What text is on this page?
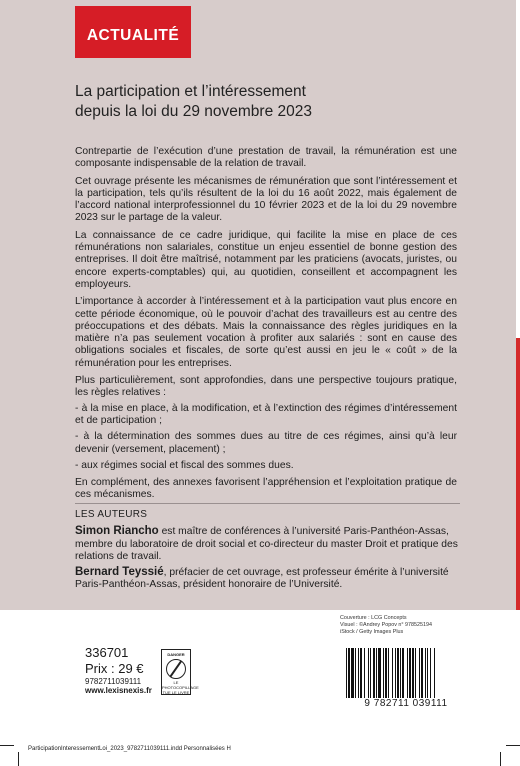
ACTUALITÉ
La participation et l’intéressement
depuis la loi du 29 novembre 2023

Contrepartie de l’exécution d’une prestation de travail, la rémunération est une composante indispensable de la relation de travail.

Cet ouvrage présente les mécanismes de rémunération que sont l’intéressement et la participation, tels qu’ils résultent de la loi du 16 août 2022, mais également de l’accord national interprofessionnel du 10 février 2023 et de la loi du 29 novembre 2023 sur le partage de la valeur.

La connaissance de ce cadre juridique, qui facilite la mise en place de ces rémunérations non salariales, constitue un enjeu essentiel de bonne gestion des entreprises. Il doit être maîtrisé, notamment par les praticiens (avocats, juristes, ou encore experts-comptables) qui, au quotidien, conseillent et accompagnent les employeurs.

L’importance à accorder à l’intéressement et à la participation vaut plus encore en cette période économique, où le pouvoir d’achat des travailleurs est au centre des préoccupations et des débats. Mais la connaissance des règles juridiques en la matière n’a pas seulement vocation à profiter aux salariés : sont en cause des obligations sociales et fiscales, de sorte qu’est aussi en jeu le « coût » de la rémunération pour les entreprises.

Plus particulièrement, sont approfondies, dans une perspective toujours pratique, les règles relatives :

- à la mise en place, à la modification, et à l’extinction des régimes d’intéressement et de participation ;
- à la détermination des sommes dues au titre de ces régimes, ainsi qu’à leur devenir (versement, placement) ;
- aux régimes social et fiscal des sommes dues.

En complément, des annexes favorisent l’appréhension et l’exploitation pratique de ces mécanismes.

LES AUTEURS

Simon Riancho est maître de conférences à l’université Paris-Panthéon-Assas, membre du laboratoire de droit social et co-directeur du master Droit et pratique des relations de travail.

Bernard Teyssié, préfacier de cet ouvrage, est professeur émérite à l’université Paris-Panthéon-Assas, président honoraire de l’Université.

336701
Prix : 29 €
9782711039111
www.lexisnexis.fr
DANGER
LE
PHOTOCOPILLAGE
TUE LE LIVRE
Couverture : LCG Concepts
Visuel : ©Andrey Popov n° 978525194
iStock / Getty Images Plus
9 782711 039111
ParticipationInteressementLoi_2023_9782711039111.indd Personnalisées H
